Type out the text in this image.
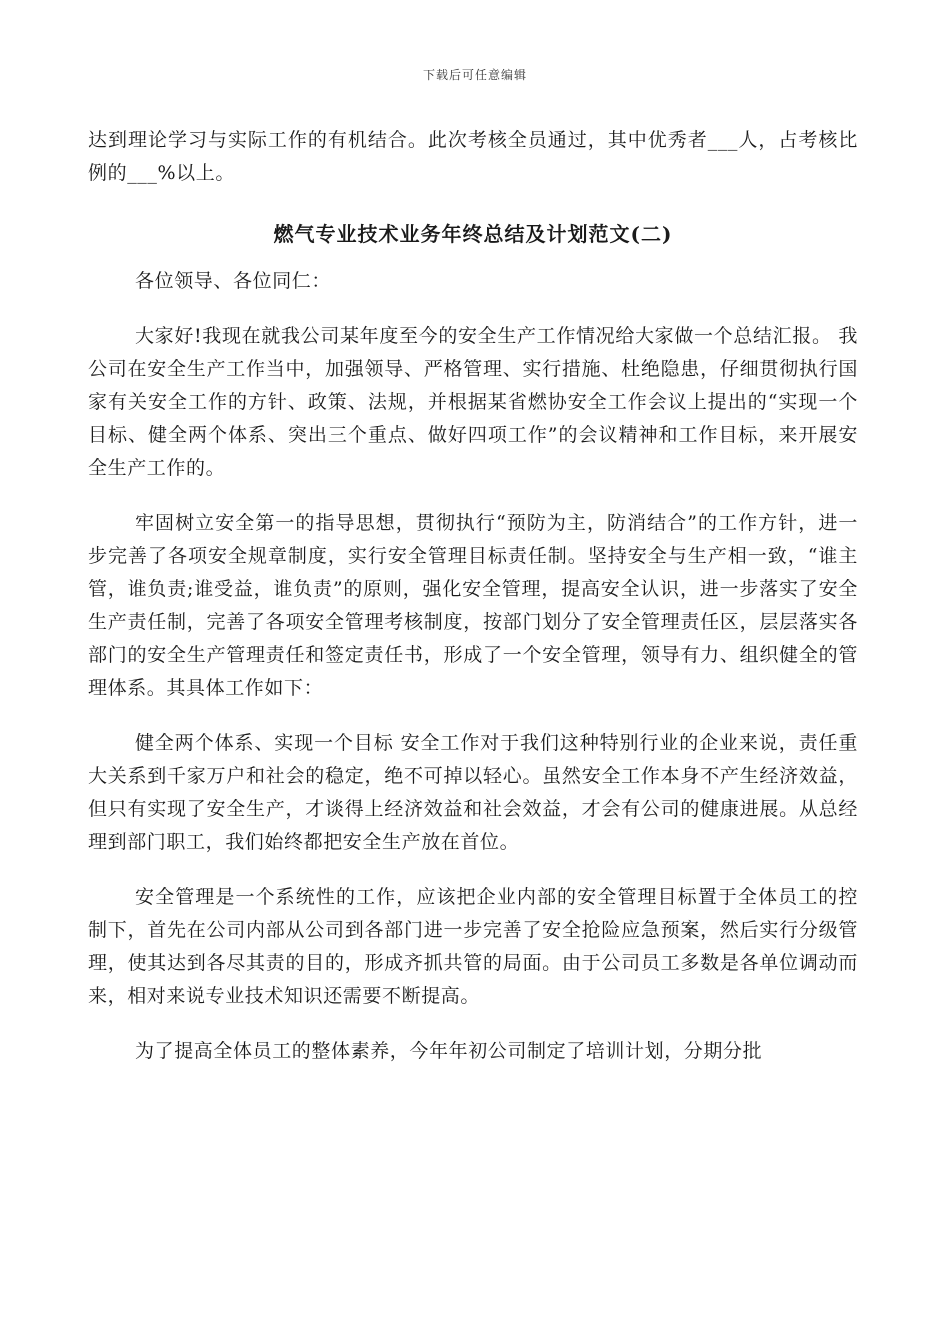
下载后可任意编辑

达到理论学习与实际工作的有机结合。此次考核全员通过，其中优秀者___人，占考核比例的___%以上。

燃气专业技术业务年终总结及计划范文(二)

各位领导、各位同仁：

大家好!我现在就我公司某年度至今的安全生产工作情况给大家做一个总结汇报。 我公司在安全生产工作当中，加强领导、严格管理、实行措施、杜绝隐患，仔细贯彻执行国家有关安全工作的方针、政策、法规，并根据某省燃协安全工作会议上提出的“实现一个目标、健全两个体系、突出三个重点、做好四项工作”的会议精神和工作目标，来开展安全生产工作的。

牢固树立安全第一的指导思想，贯彻执行“预防为主，防消结合”的工作方针，进一步完善了各项安全规章制度，实行安全管理目标责任制。坚持安全与生产相一致，“谁主管，谁负责;谁受益，谁负责”的原则，强化安全管理，提高安全认识，进一步落实了安全生产责任制，完善了各项安全管理考核制度，按部门划分了安全管理责任区，层层落实各部门的安全生产管理责任和签定责任书，形成了一个安全管理，领导有力、组织健全的管理体系。其具体工作如下：

健全两个体系、实现一个目标 安全工作对于我们这种特别行业的企业来说，责任重大关系到千家万户和社会的稳定，绝不可掉以轻心。虽然安全工作本身不产生经济效益，但只有实现了安全生产，才谈得上经济效益和社会效益，才会有公司的健康进展。从总经理到部门职工，我们始终都把安全生产放在首位。

安全管理是一个系统性的工作，应该把企业内部的安全管理目标置于全体员工的控制下，首先在公司内部从公司到各部门进一步完善了安全抢险应急预案，然后实行分级管理，使其达到各尽其责的目的，形成齐抓共管的局面。由于公司员工多数是各单位调动而来，相对来说专业技术知识还需要不断提高。

为了提高全体员工的整体素养，今年年初公司制定了培训计划，分期分批
